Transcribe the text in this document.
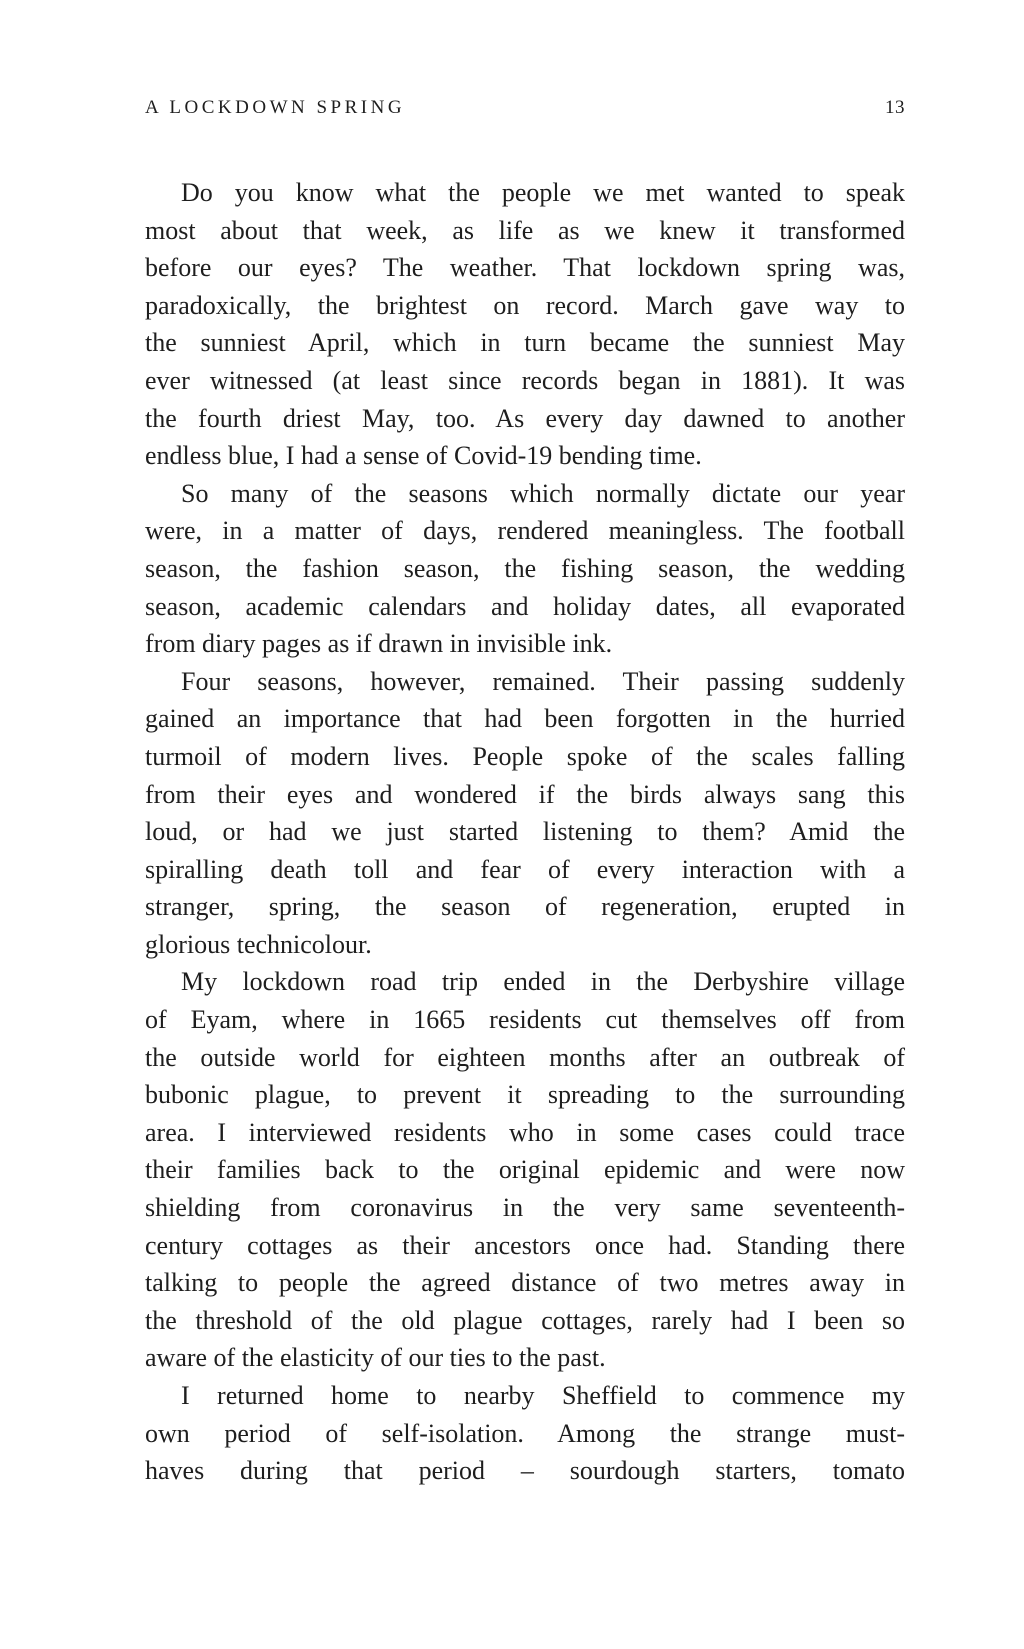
A LOCKDOWN SPRING	13
Do you know what the people we met wanted to speak
most about that week, as life as we knew it transformed
before our eyes? The weather. That lockdown spring was,
paradoxically, the brightest on record. March gave way to
the sunniest April, which in turn became the sunniest May
ever witnessed (at least since records began in 1881). It was
the fourth driest May, too. As every day dawned to another
endless blue, I had a sense of Covid-19 bending time.
So many of the seasons which normally dictate our year
were, in a matter of days, rendered meaningless. The football
season, the fashion season, the fishing season, the wedding
season, academic calendars and holiday dates, all evaporated
from diary pages as if drawn in invisible ink.
Four seasons, however, remained. Their passing suddenly
gained an importance that had been forgotten in the hurried
turmoil of modern lives. People spoke of the scales falling
from their eyes and wondered if the birds always sang this
loud, or had we just started listening to them? Amid the
spiralling death toll and fear of every interaction with a
stranger, spring, the season of regeneration, erupted in
glorious technicolour.
My lockdown road trip ended in the Derbyshire village
of Eyam, where in 1665 residents cut themselves off from
the outside world for eighteen months after an outbreak of
bubonic plague, to prevent it spreading to the surrounding
area. I interviewed residents who in some cases could trace
their families back to the original epidemic and were now
shielding from coronavirus in the very same seventeenth-
century cottages as their ancestors once had. Standing there
talking to people the agreed distance of two metres away in
the threshold of the old plague cottages, rarely had I been so
aware of the elasticity of our ties to the past.
I returned home to nearby Sheffield to commence my
own period of self-isolation. Among the strange must-
haves during that period – sourdough starters, tomato
